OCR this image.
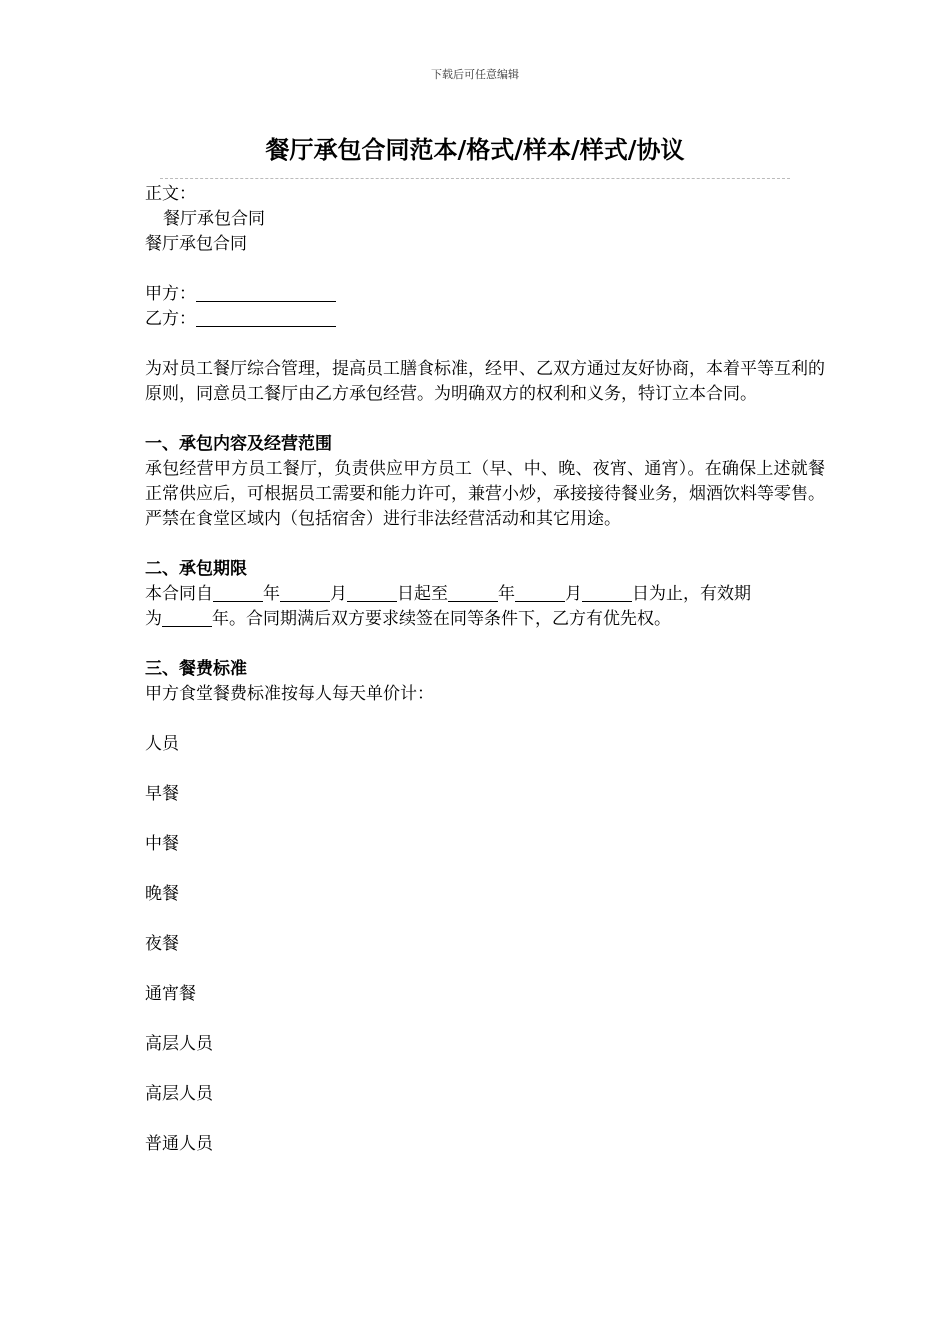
下载后可任意编辑
餐厅承包合同范本/格式/样本/样式/协议

正文：

餐厅承包合同

餐厅承包合同

甲方：

乙方：

为对员工餐厅综合管理，提高员工膳食标准，经甲、乙双方通过友好协商，本着平等互利的原则，同意员工餐厅由乙方承包经营。为明确双方的权利和义务，特订立本合同。

一、承包内容及经营范围

承包经营甲方员工餐厅，负责供应甲方员工（早、中、晚、夜宵、通宵）。在确保上述就餐正常供应后，可根据员工需要和能力许可，兼营小炒，承接接待餐业务，烟酒饮料等零售。严禁在食堂区域内（包括宿舍）进行非法经营活动和其它用途。

二、承包期限

本合同自	年	月	日起至	年	月	日为止，有效期

为	年。合同期满后双方要求续签在同等条件下，乙方有优先权。

三、餐费标准

甲方食堂餐费标准按每人每天单价计：

人员

早餐

中餐

晚餐

夜餐

通宵餐

高层人员

高层人员

普通人员
